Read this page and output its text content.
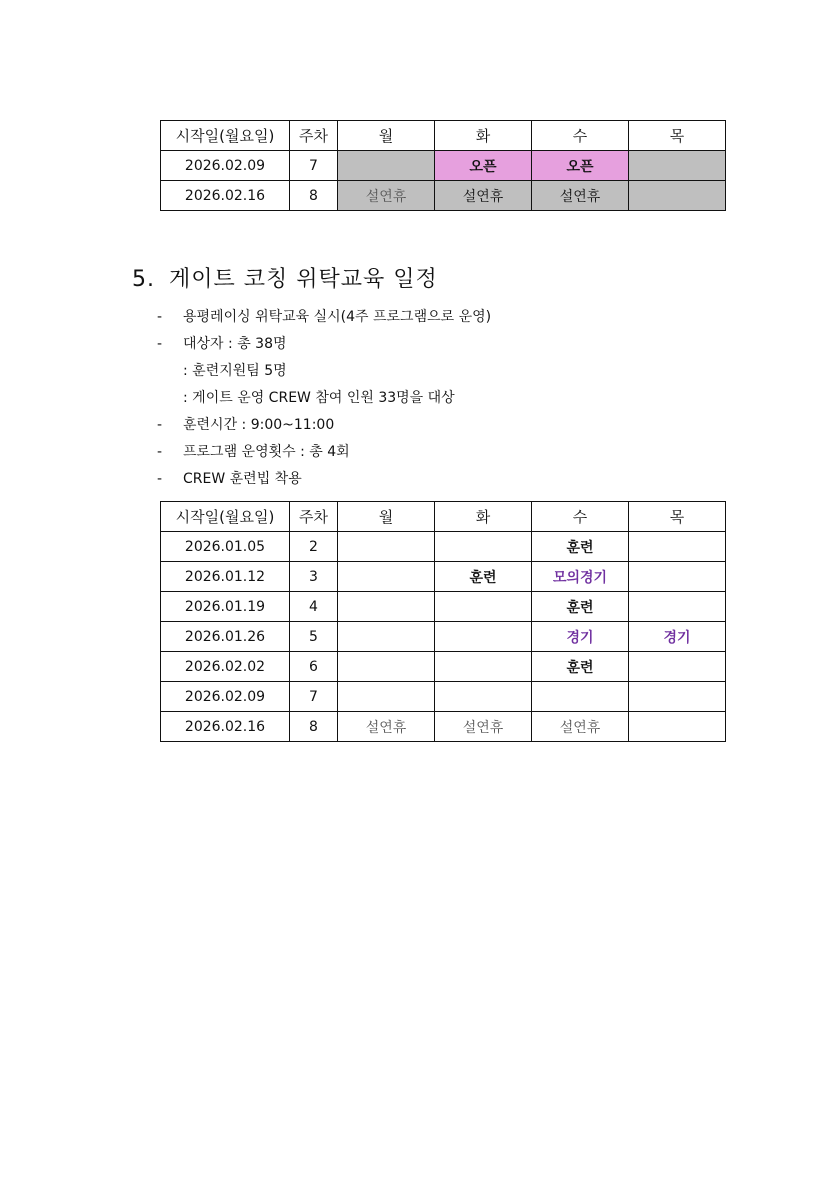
시작일(월요일)	주차	월	화	수	목
2026.02.09	7		오픈	오픈	
2026.02.16	8	설연휴	설연휴	설연휴	
5. 게이트 코칭 위탁교육 일정
- 용평레이싱 위탁교육 실시(4주 프로그램으로 운영)
- 대상자 : 총 38명
: 훈련지원팀 5명
: 게이트 운영 CREW 참여 인원 33명을 대상
- 훈련시간 : 9:00~11:00
- 프로그램 운영횟수 : 총 4회
- CREW 훈련빕 착용
시작일(월요일)	주차	월	화	수	목
2026.01.05	2			훈련	
2026.01.12	3		훈련	모의경기	
2026.01.19	4			훈련	
2026.01.26	5			경기	경기
2026.02.02	6			훈련	
2026.02.09	7				
2026.02.16	8	설연휴	설연휴	설연휴	
